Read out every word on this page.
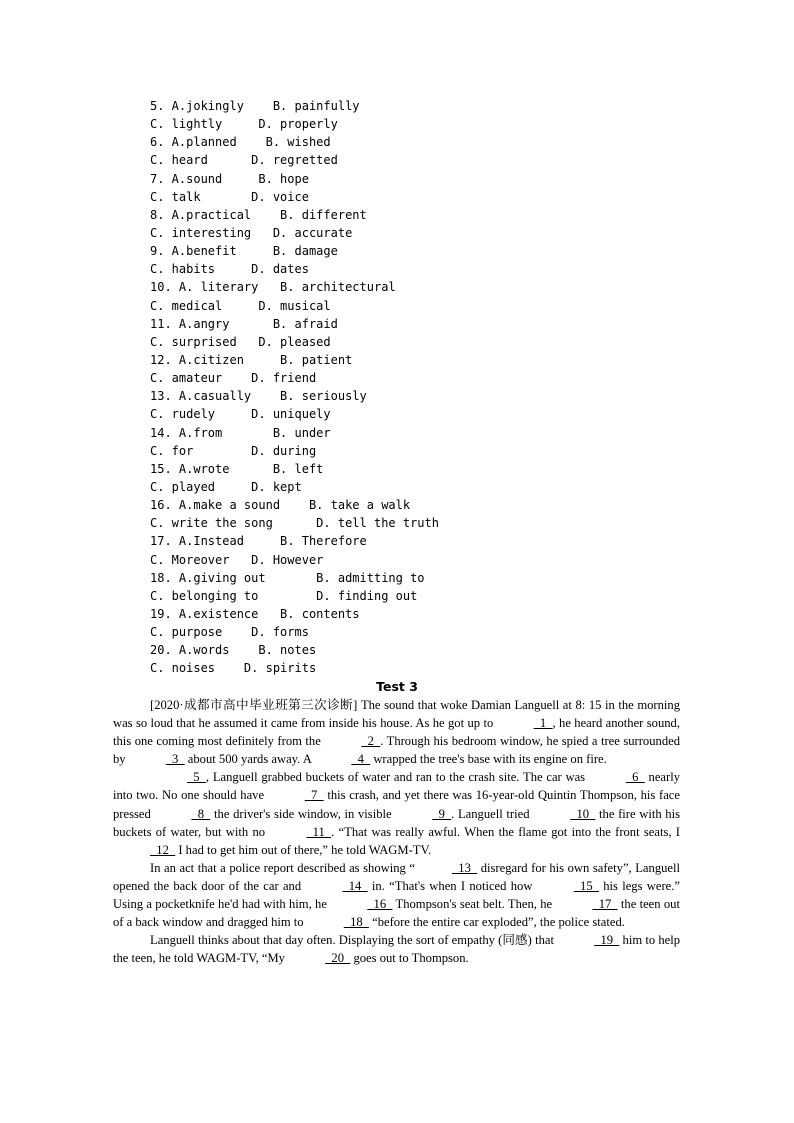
5. A.jokingly    B. painfully
C. lightly     D. properly
6. A.planned    B. wished
C. heard      D. regretted
7. A.sound     B. hope
C. talk       D. voice
8. A.practical    B. different
C. interesting   D. accurate
9. A.benefit     B. damage
C. habits     D. dates
10. A. literary   B. architectural
C. medical     D. musical
11. A.angry      B. afraid
C. surprised   D. pleased
12. A.citizen     B. patient
C. amateur    D. friend
13. A.casually    B. seriously
C. rudely     D. uniquely
14. A.from       B. under
C. for        D. during
15. A.wrote      B. left
C. played     D. kept
16. A.make a sound    B. take a walk
C. write the song      D. tell the truth
17. A.Instead     B. Therefore
C. Moreover   D. However
18. A.giving out       B. admitting to
C. belonging to        D. finding out
19. A.existence   B. contents
C. purpose    D. forms
20. A.words    B. notes
C. noises    D. spirits
Test 3

[2020·成都市高中毕业班第三次诊断] The sound that woke Damian Languell at 8: 15 in the morning was so loud that he assumed it came from inside his house. As he got up to	1  , he heard another sound, this one coming most definitely from the	2  . Through his bedroom window, he spied a tree surrounded by	3   about 500 yards away. A	4   wrapped the tree's base with its engine on fire.

5  , Languell grabbed buckets of water and ran to the crash site. The car was	6   nearly into two. No one should have	7   this crash, and yet there was 16-year-old Quintin Thompson, his face pressed	8   the driver's side window, in visible	9  . Languell tried	10   the fire with his buckets of water, but with no	11  . “That was really awful. When the flame got into the front seats, I   12   I had to get him out of there,” he told WAGM-TV.

In an act that a police report described as showing “	13   disregard for his own safety”, Languell opened the back door of the car and	14   in. “That's when I noticed how	15   his legs were.” Using a pocketknife he'd had with him, he	16   Thompson's seat belt. Then, he	17   the teen out of a back window and dragged him to	18   “before the entire car exploded”, the police stated.

Languell thinks about that day often. Displaying the sort of empathy (同感) that	19   him to help the teen, he told WAGM-TV, “My	20   goes out to Thompson.
